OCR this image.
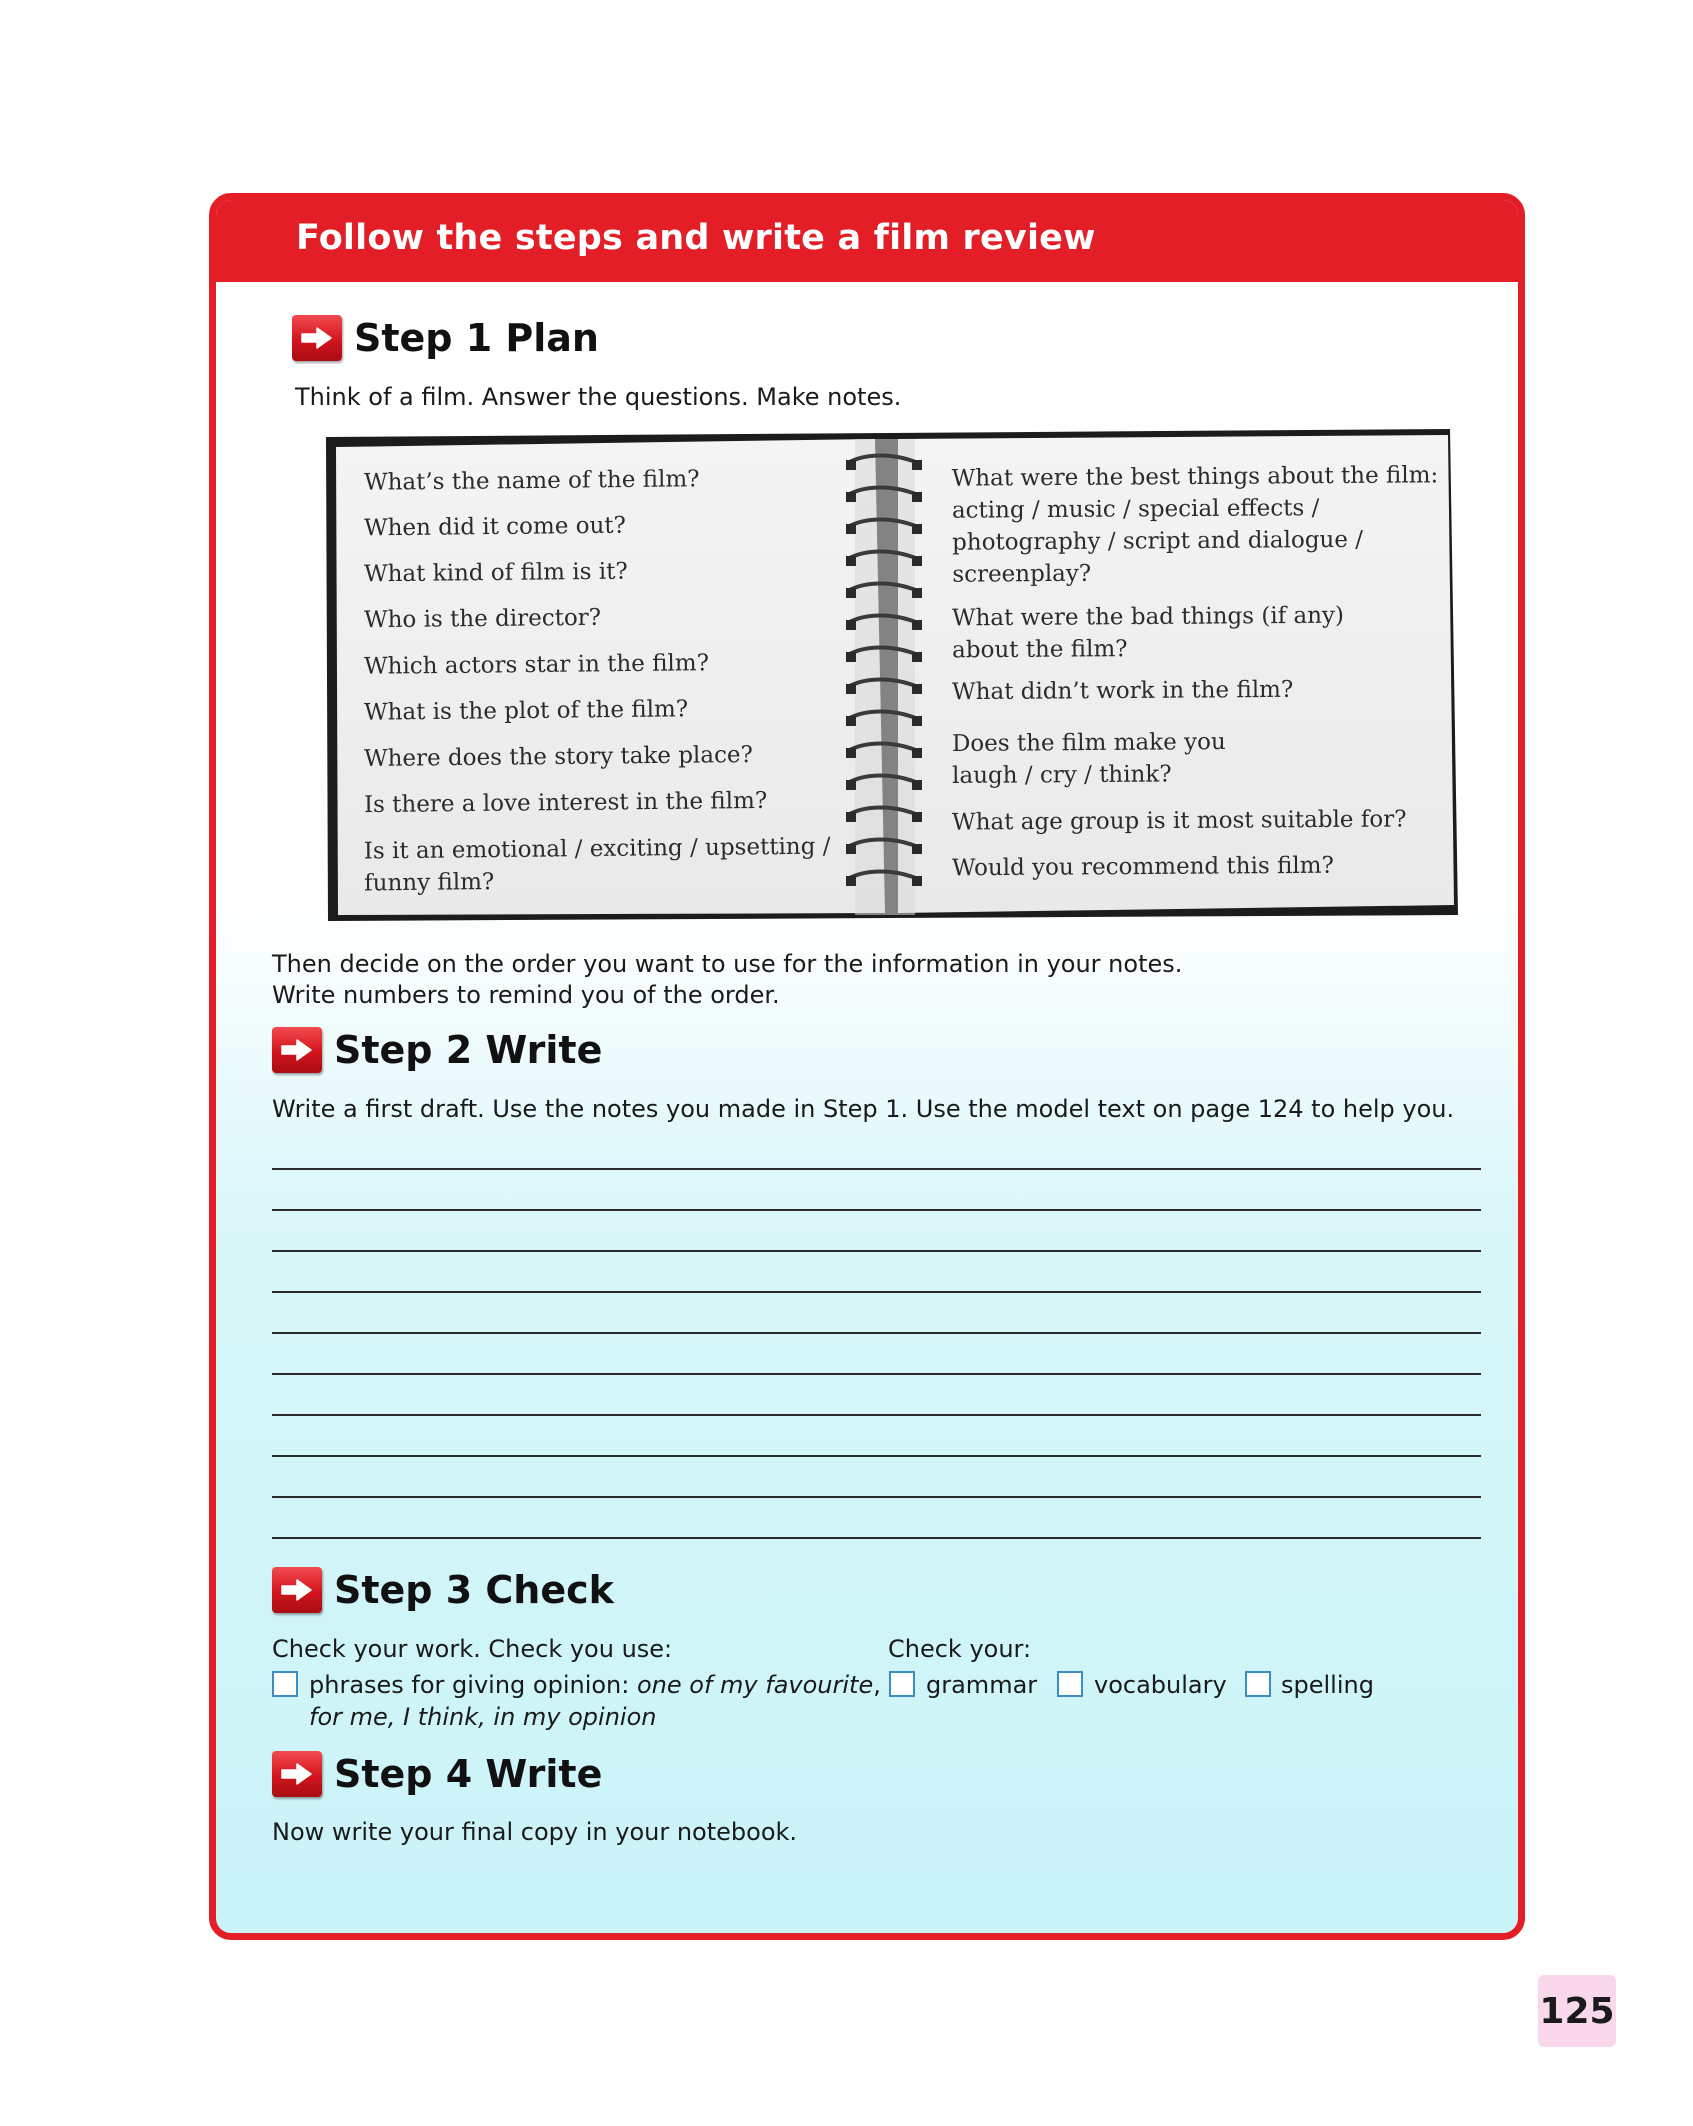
Follow the steps and write a film review
Step 1 Plan
Think of a film. Answer the questions. Make notes.
What’s the name of the film?
When did it come out?
What kind of film is it?
Who is the director?
Which actors star in the film?
What is the plot of the film?
Where does the story take place?
Is there a love interest in the film?
Is it an emotional / exciting / upsetting /
funny film?
What were the best things about the film:
acting / music / special effects /
photography / script and dialogue /
screenplay?
What were the bad things (if any)
about the film?
What didn’t work in the film?
Does the film make you
laugh / cry / think?
What age group is it most suitable for?
Would you recommend this film?
Then decide on the order you want to use for the information in your notes.
Write numbers to remind you of the order.
Step 2 Write
Write a first draft. Use the notes you made in Step 1. Use the model text on page 124 to help you.
Step 3 Check
Check your work. Check you use:
phrases for giving opinion: one of my favourite,
for me, I think, in my opinion
Check your:
grammar vocabulary spelling
Step 4 Write
Now write your final copy in your notebook.
125
